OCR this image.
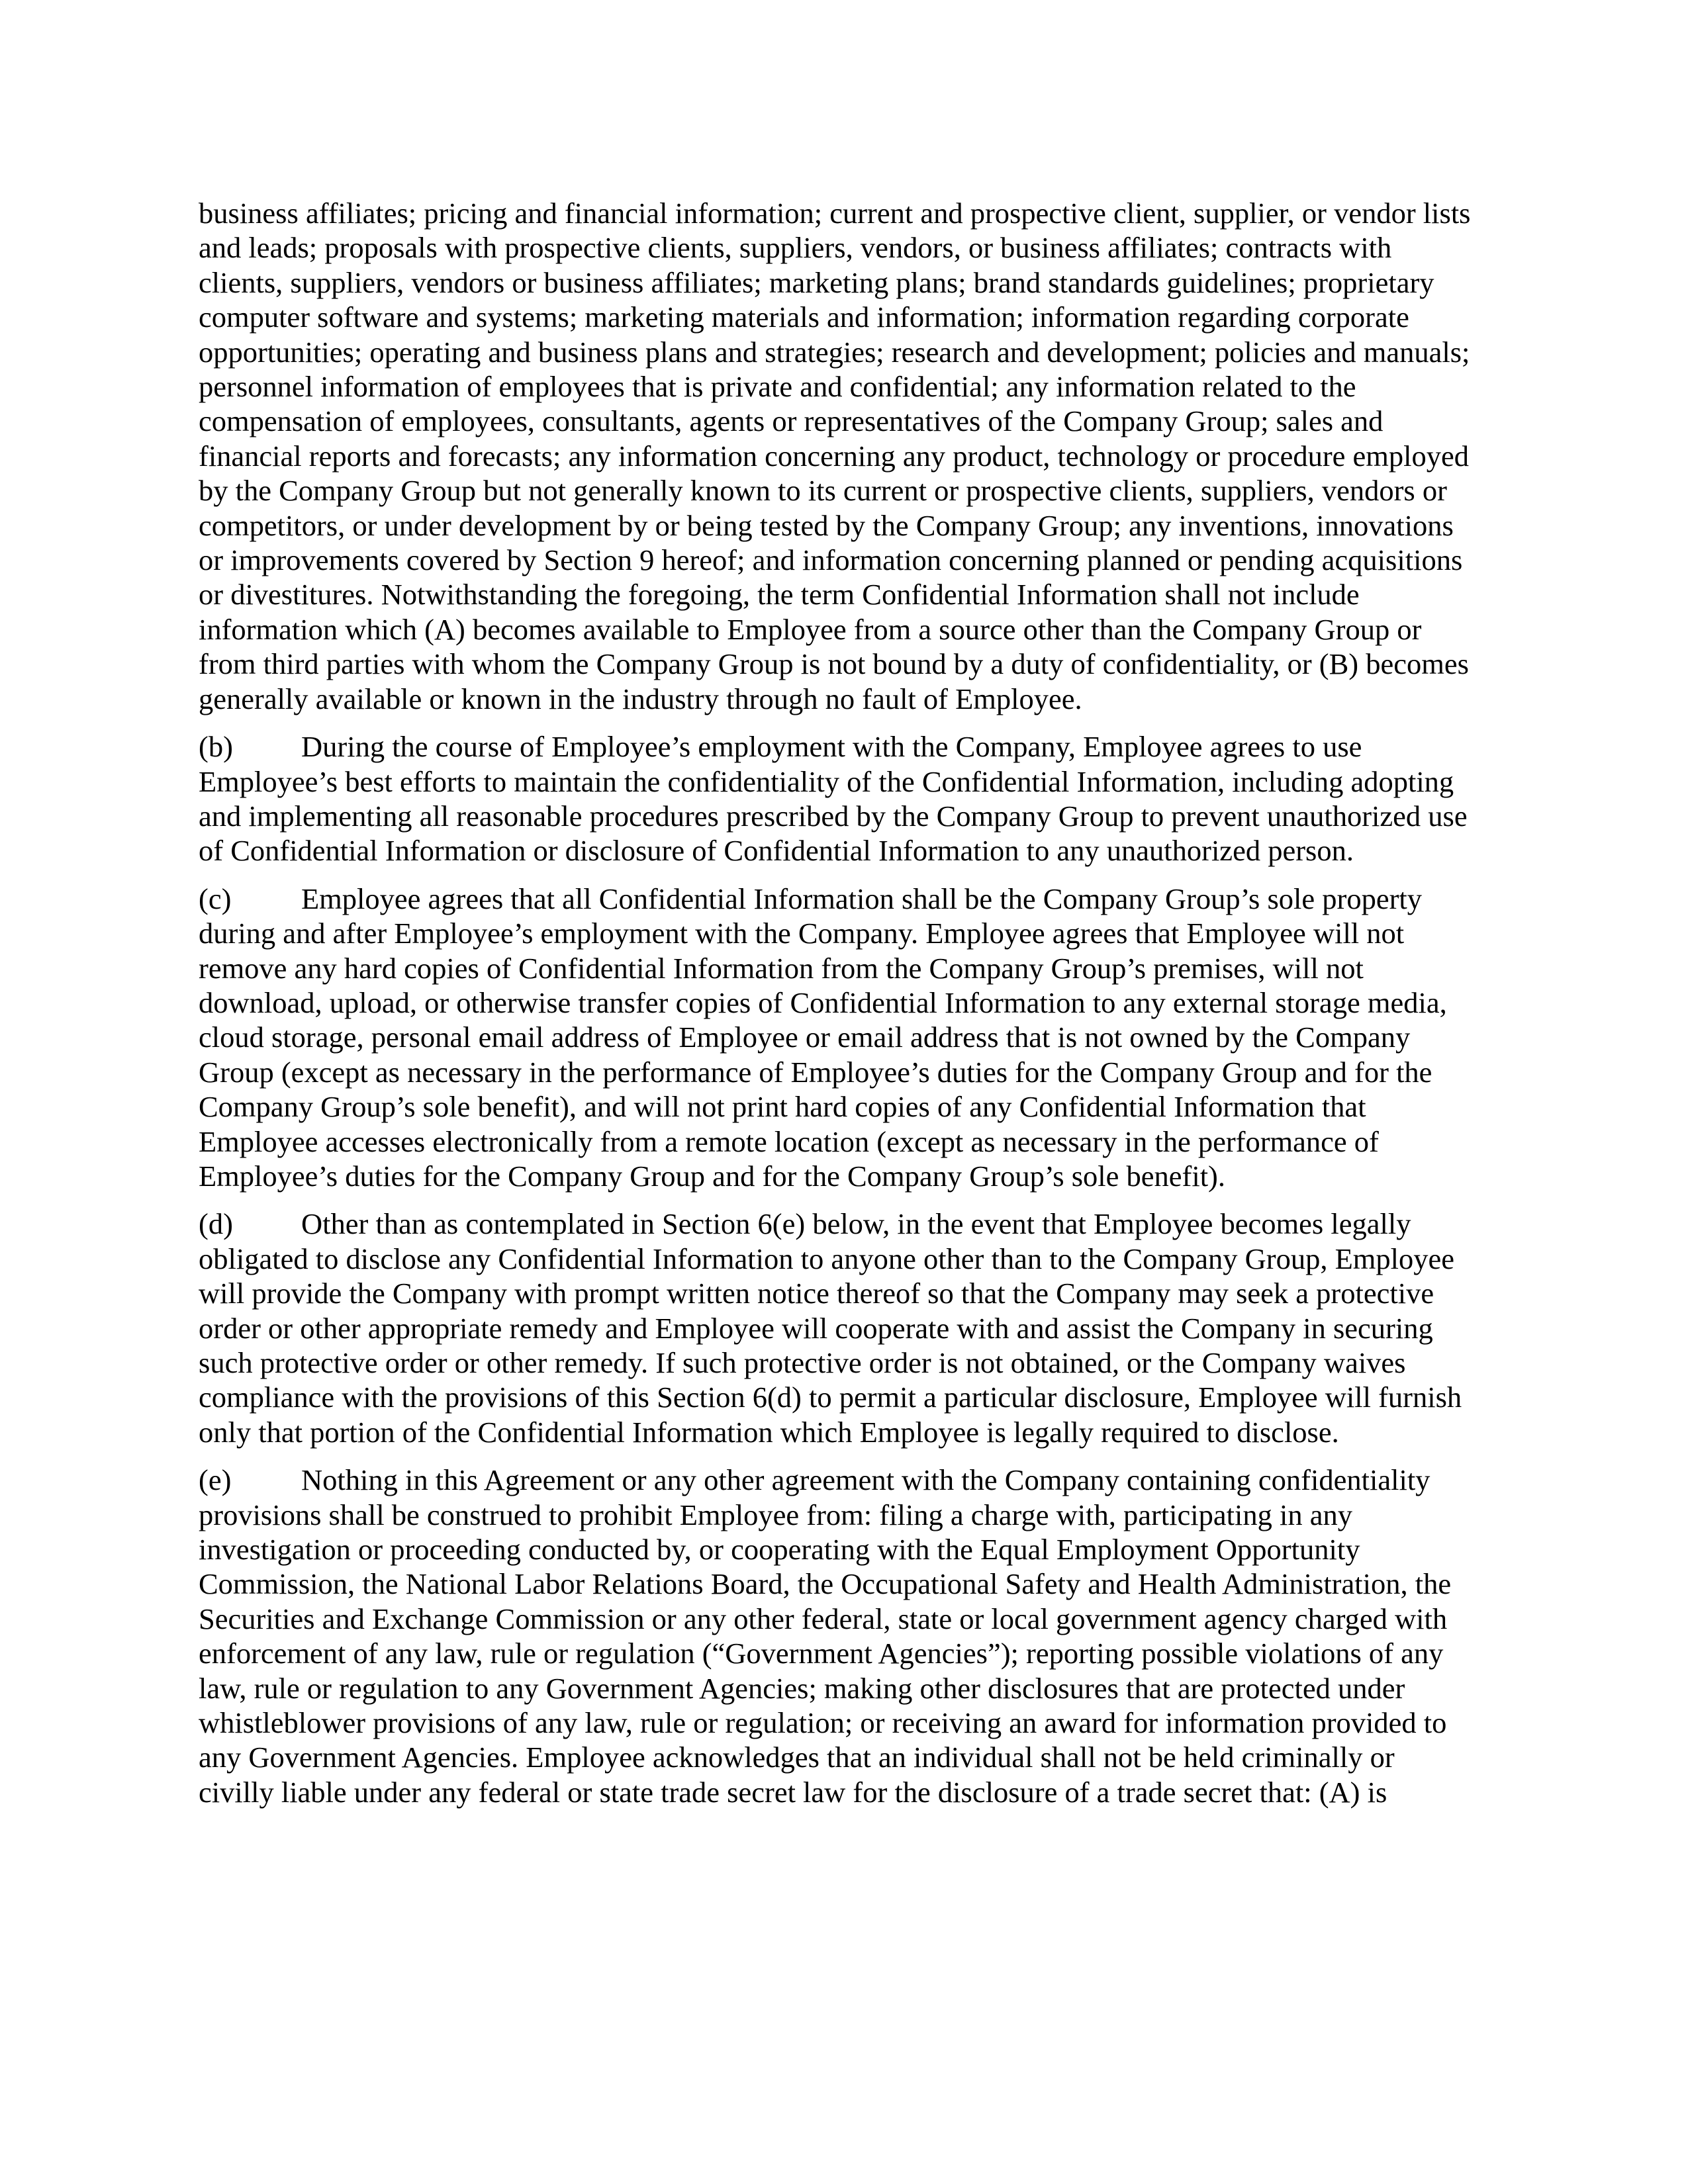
business affiliates; pricing and financial information; current and prospective client, supplier, or vendor lists and leads; proposals with prospective clients, suppliers, vendors, or business affiliates; contracts with clients, suppliers, vendors or business affiliates; marketing plans; brand standards guidelines; proprietary computer software and systems; marketing materials and information; information regarding corporate opportunities; operating and business plans and strategies; research and development; policies and manuals; personnel information of employees that is private and confidential; any information related to the compensation of employees, consultants, agents or representatives of the Company Group; sales and financial reports and forecasts; any information concerning any product, technology or procedure employed by the Company Group but not generally known to its current or prospective clients, suppliers, vendors or competitors, or under development by or being tested by the Company Group; any inventions, innovations or improvements covered by Section 9 hereof; and information concerning planned or pending acquisitions or divestitures. Notwithstanding the foregoing, the term Confidential Information shall not include information which (A) becomes available to Employee from a source other than the Company Group or from third parties with whom the Company Group is not bound by a duty of confidentiality, or (B) becomes generally available or known in the industry through no fault of Employee.

(b) During the course of Employee’s employment with the Company, Employee agrees to use Employee’s best efforts to maintain the confidentiality of the Confidential Information, including adopting and implementing all reasonable procedures prescribed by the Company Group to prevent unauthorized use of Confidential Information or disclosure of Confidential Information to any unauthorized person.

(c) Employee agrees that all Confidential Information shall be the Company Group’s sole property during and after Employee’s employment with the Company. Employee agrees that Employee will not remove any hard copies of Confidential Information from the Company Group’s premises, will not download, upload, or otherwise transfer copies of Confidential Information to any external storage media, cloud storage, personal email address of Employee or email address that is not owned by the Company Group (except as necessary in the performance of Employee’s duties for the Company Group and for the Company Group’s sole benefit), and will not print hard copies of any Confidential Information that Employee accesses electronically from a remote location (except as necessary in the performance of Employee’s duties for the Company Group and for the Company Group’s sole benefit).

(d) Other than as contemplated in Section 6(e) below, in the event that Employee becomes legally obligated to disclose any Confidential Information to anyone other than to the Company Group, Employee will provide the Company with prompt written notice thereof so that the Company may seek a protective order or other appropriate remedy and Employee will cooperate with and assist the Company in securing such protective order or other remedy. If such protective order is not obtained, or the Company waives compliance with the provisions of this Section 6(d) to permit a particular disclosure, Employee will furnish only that portion of the Confidential Information which Employee is legally required to disclose.

(e) Nothing in this Agreement or any other agreement with the Company containing confidentiality provisions shall be construed to prohibit Employee from: filing a charge with, participating in any investigation or proceeding conducted by, or cooperating with the Equal Employment Opportunity Commission, the National Labor Relations Board, the Occupational Safety and Health Administration, the Securities and Exchange Commission or any other federal, state or local government agency charged with enforcement of any law, rule or regulation (“Government Agencies”); reporting possible violations of any law, rule or regulation to any Government Agencies; making other disclosures that are protected under whistleblower provisions of any law, rule or regulation; or receiving an award for information provided to any Government Agencies. Employee acknowledges that an individual shall not be held criminally or civilly liable under any federal or state trade secret law for the disclosure of a trade secret that: (A) is
